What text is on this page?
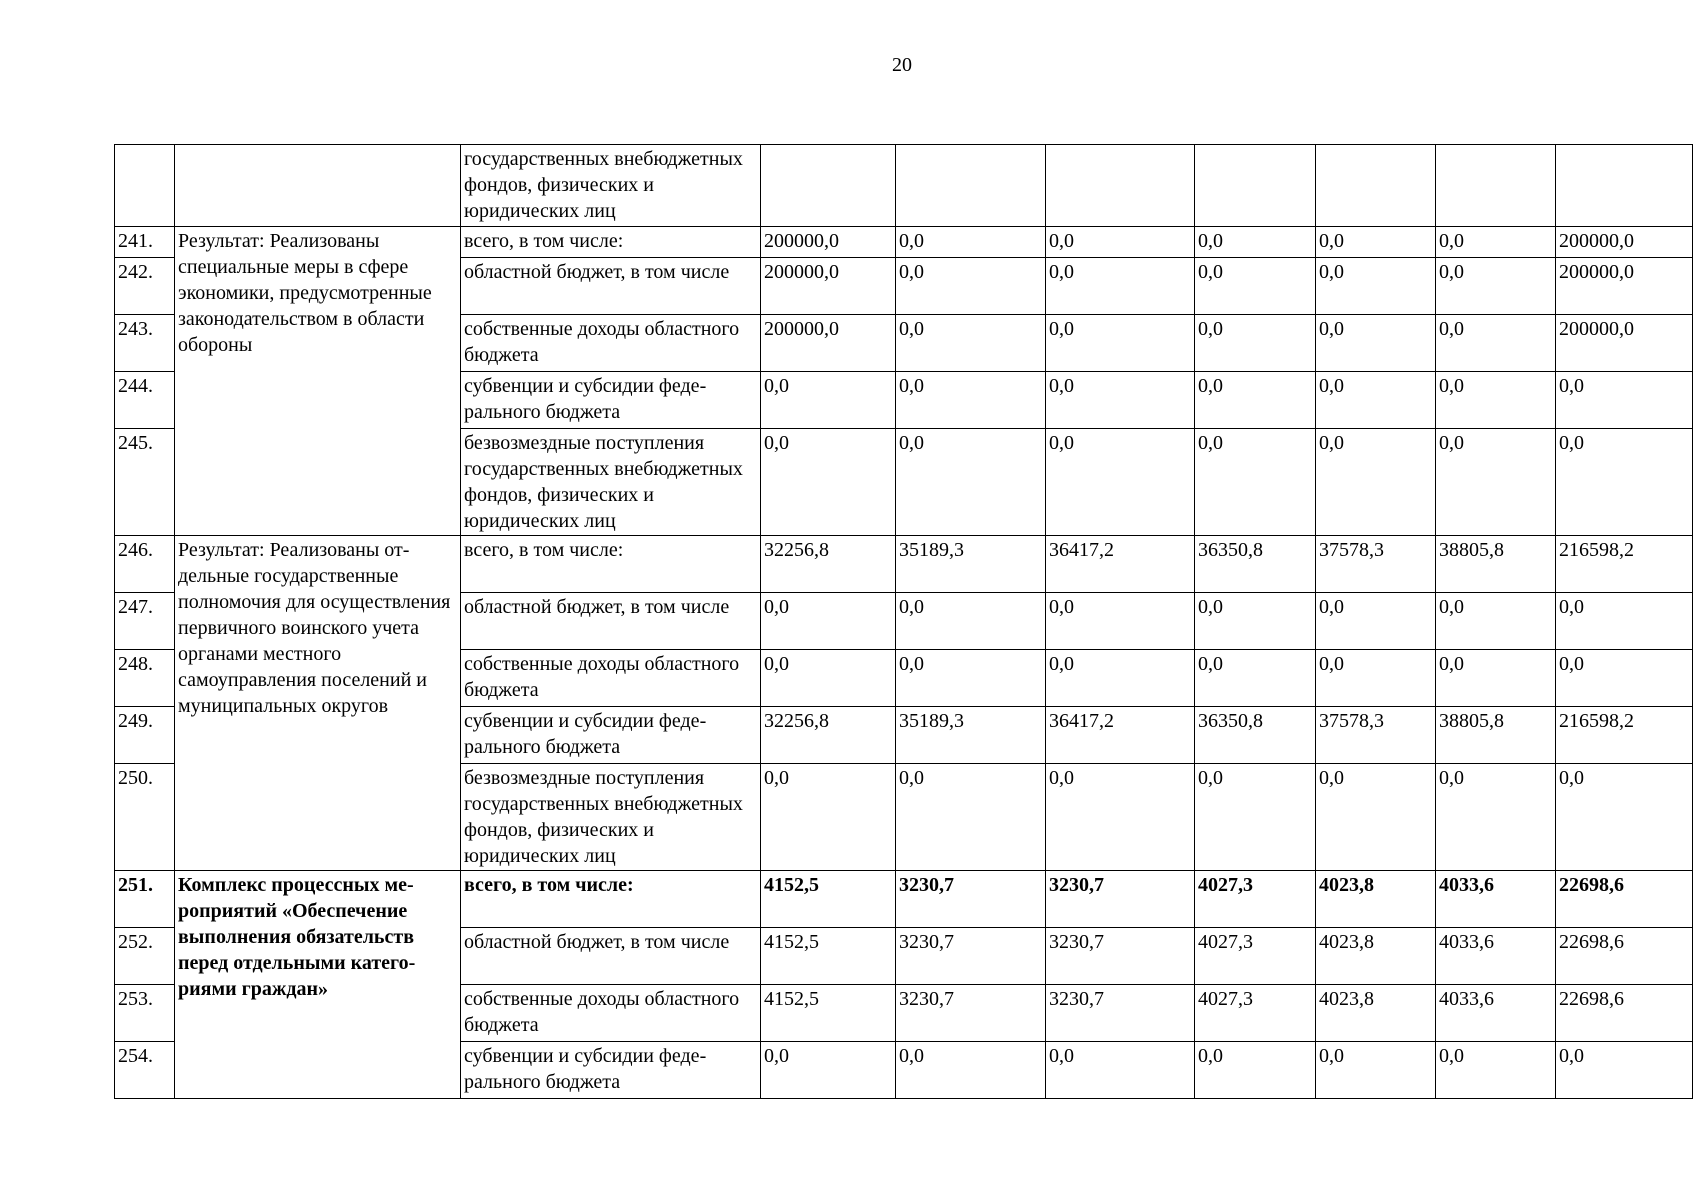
20
		государственных внебюджетных фондов, физических и юридических лиц							
241.	Результат: Реализованы специальные меры в сфере экономики, предусмотренные законодательством в области обороны	всего, в том числе:	200000,0	0,0	0,0	0,0	0,0	0,0	200000,0
242.		областной бюджет, в том числе	200000,0	0,0	0,0	0,0	0,0	0,0	200000,0
243.		собственные доходы областного бюджета	200000,0	0,0	0,0	0,0	0,0	0,0	200000,0
244.		субвенции и субсидии федерального бюджета	0,0	0,0	0,0	0,0	0,0	0,0	0,0
245.		безвозмездные поступления государственных внебюджетных фондов, физических и юридических лиц	0,0	0,0	0,0	0,0	0,0	0,0	0,0
246.	Результат: Реализованы отдельные государственные полномочия для осуществления первичного воинского учета органами местного самоуправления поселений и муниципальных округов	всего, в том числе:	32256,8	35189,3	36417,2	36350,8	37578,3	38805,8	216598,2
247.		областной бюджет, в том числе	0,0	0,0	0,0	0,0	0,0	0,0	0,0
248.		собственные доходы областного бюджета	0,0	0,0	0,0	0,0	0,0	0,0	0,0
249.		субвенции и субсидии федерального бюджета	32256,8	35189,3	36417,2	36350,8	37578,3	38805,8	216598,2
250.		безвозмездные поступления государственных внебюджетных фондов, физических и юридических лиц	0,0	0,0	0,0	0,0	0,0	0,0	0,0
251.	Комплекс процессных мероприятий «Обеспечение выполнения обязательств перед отдельными категориями граждан»	всего, в том числе:	4152,5	3230,7	3230,7	4027,3	4023,8	4033,6	22698,6
252.		областной бюджет, в том числе	4152,5	3230,7	3230,7	4027,3	4023,8	4033,6	22698,6
253.		собственные доходы областного бюджета	4152,5	3230,7	3230,7	4027,3	4023,8	4033,6	22698,6
254.		субвенции и субсидии федерального бюджета	0,0	0,0	0,0	0,0	0,0	0,0	0,0
